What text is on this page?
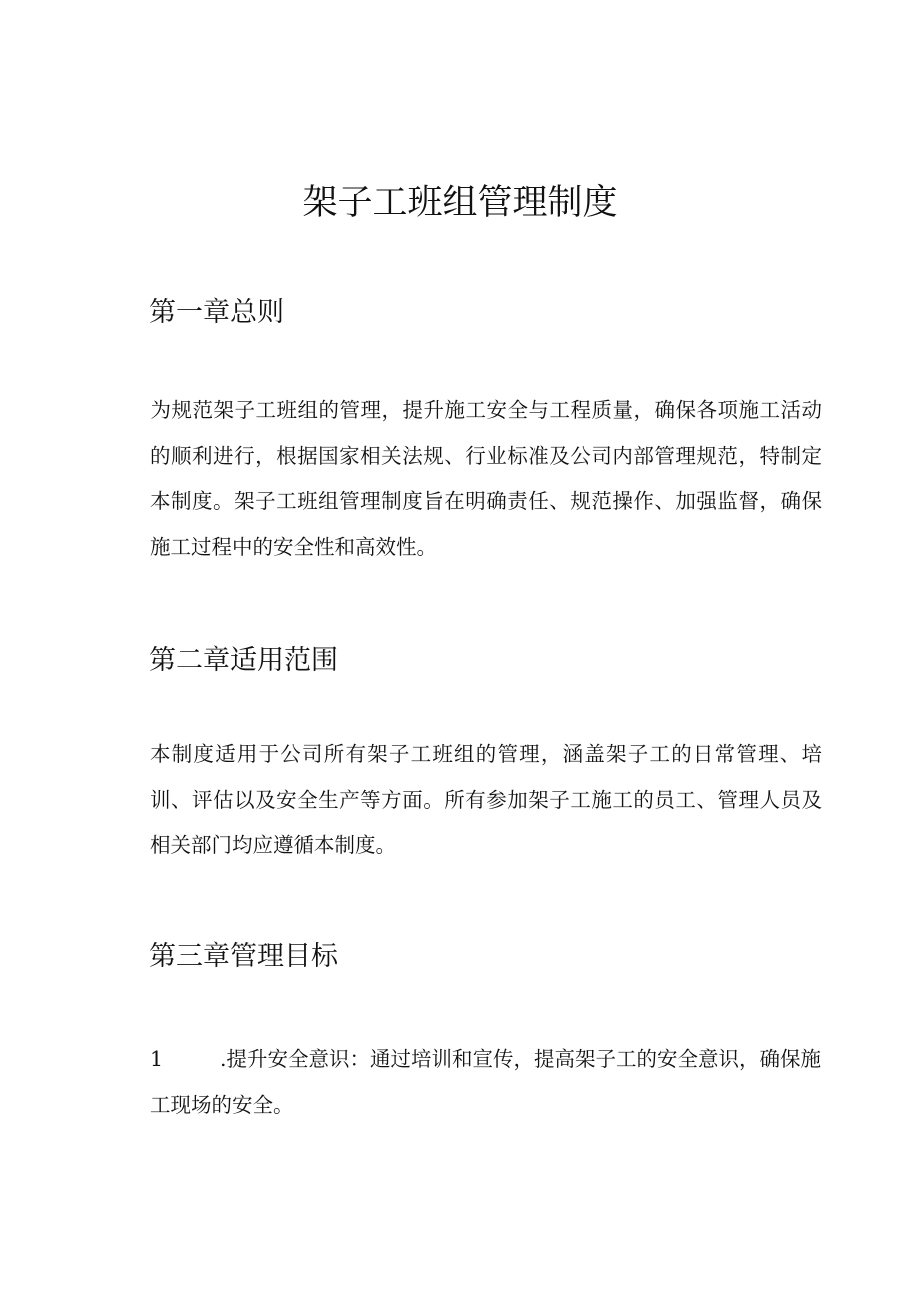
架子工班组管理制度
第一章总则

为规范架子工班组的管理，提升施工安全与工程质量，确保各项施工活动的顺利进行，根据国家相关法规、行业标准及公司内部管理规范，特制定本制度。架子工班组管理制度旨在明确责任、规范操作、加强监督，确保施工过程中的安全性和高效性。

第二章适用范围

本制度适用于公司所有架子工班组的管理，涵盖架子工的日常管理、培训、评估以及安全生产等方面。所有参加架子工施工的员工、管理人员及相关部门均应遵循本制度。

第三章管理目标

1	.提升安全意识：通过培训和宣传，提高架子工的安全意识，确保施工现场的安全。
